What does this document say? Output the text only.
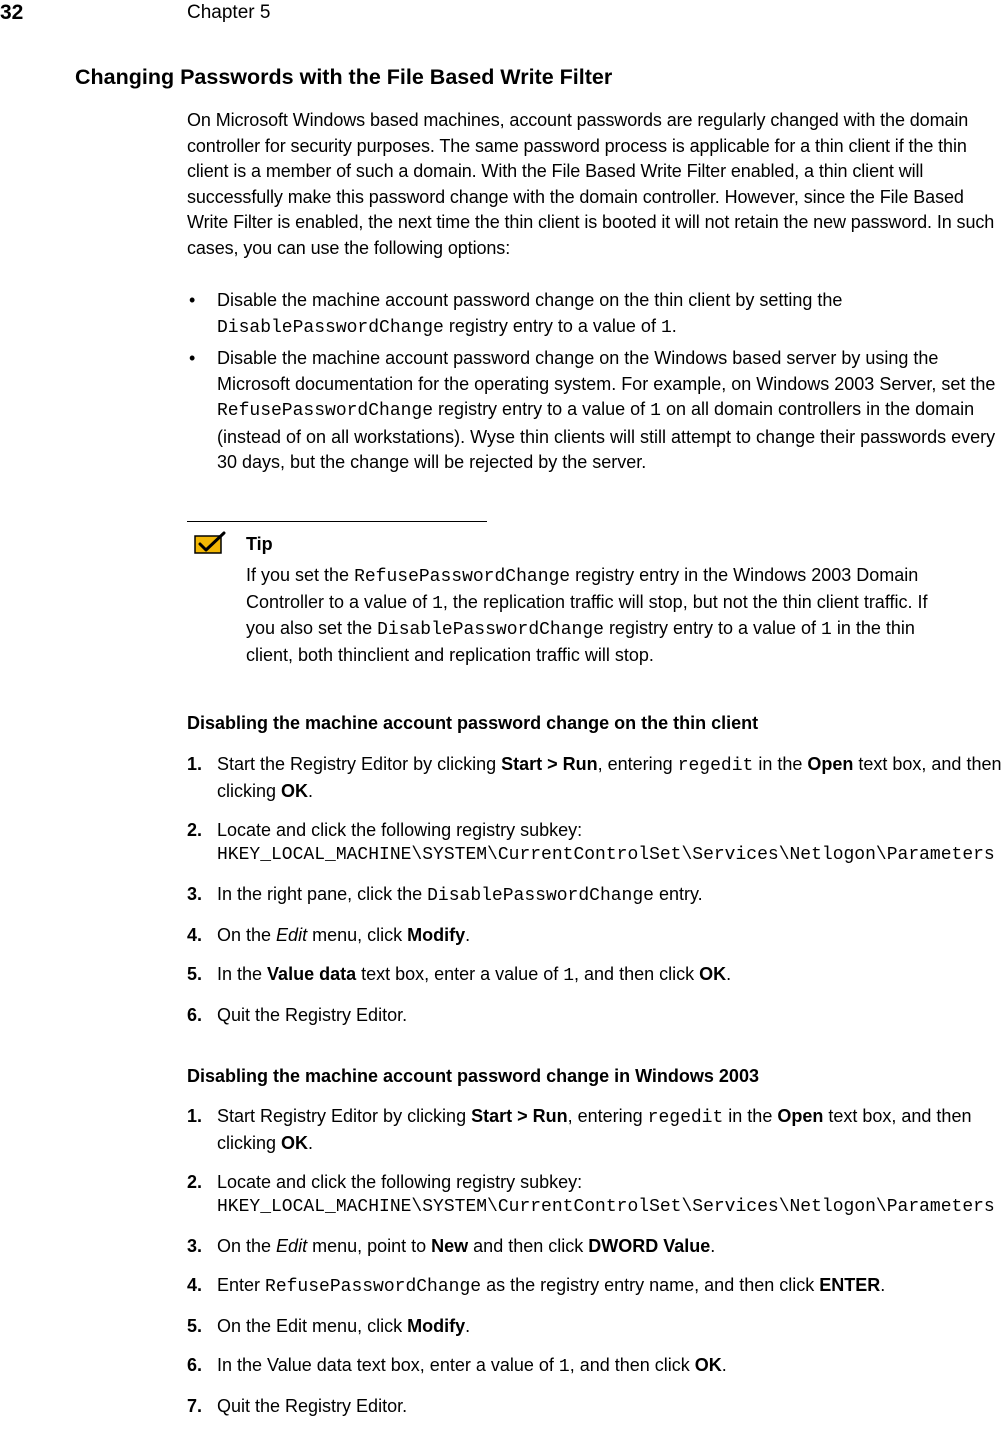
32	Chapter 5
Changing Passwords with the File Based Write Filter

On Microsoft Windows based machines, account passwords are regularly changed with the domain controller for security purposes. The same password process is applicable for a thin client if the thin client is a member of such a domain. With the File Based Write Filter enabled, a thin client will successfully make this password change with the domain controller. However, since the File Based Write Filter is enabled, the next time the thin client is booted it will not retain the new password. In such cases, you can use the following options:

• Disable the machine account password change on the thin client by setting the DisablePasswordChange registry entry to a value of 1.
• Disable the machine account password change on the Windows based server by using the Microsoft documentation for the operating system. For example, on Windows 2003 Server, set the RefusePasswordChange registry entry to a value of 1 on all domain controllers in the domain (instead of on all workstations). Wyse thin clients will still attempt to change their passwords every 30 days, but the change will be rejected by the server.
Tip

If you set the RefusePasswordChange registry entry in the Windows 2003 Domain Controller to a value of 1, the replication traffic will stop, but not the thin client traffic. If you also set the DisablePasswordChange registry entry to a value of 1 in the thin client, both thinclient and replication traffic will stop.

Disabling the machine account password change on the thin client
1. Start the Registry Editor by clicking Start > Run, entering regedit in the Open text box, and then clicking OK.
2. Locate and click the following registry subkey:
HKEY_LOCAL_MACHINE\SYSTEM\CurrentControlSet\Services\Netlogon\Parameters
3. In the right pane, click the DisablePasswordChange entry.
4. On the Edit menu, click Modify.
5. In the Value data text box, enter a value of 1, and then click OK.
6. Quit the Registry Editor.
Disabling the machine account password change in Windows 2003
1. Start Registry Editor by clicking Start > Run, entering regedit in the Open text box, and then clicking OK.
2. Locate and click the following registry subkey:
HKEY_LOCAL_MACHINE\SYSTEM\CurrentControlSet\Services\Netlogon\Parameters
3. On the Edit menu, point to New and then click DWORD Value.
4. Enter RefusePasswordChange as the registry entry name, and then click ENTER.
5. On the Edit menu, click Modify.
6. In the Value data text box, enter a value of 1, and then click OK.
7. Quit the Registry Editor.
